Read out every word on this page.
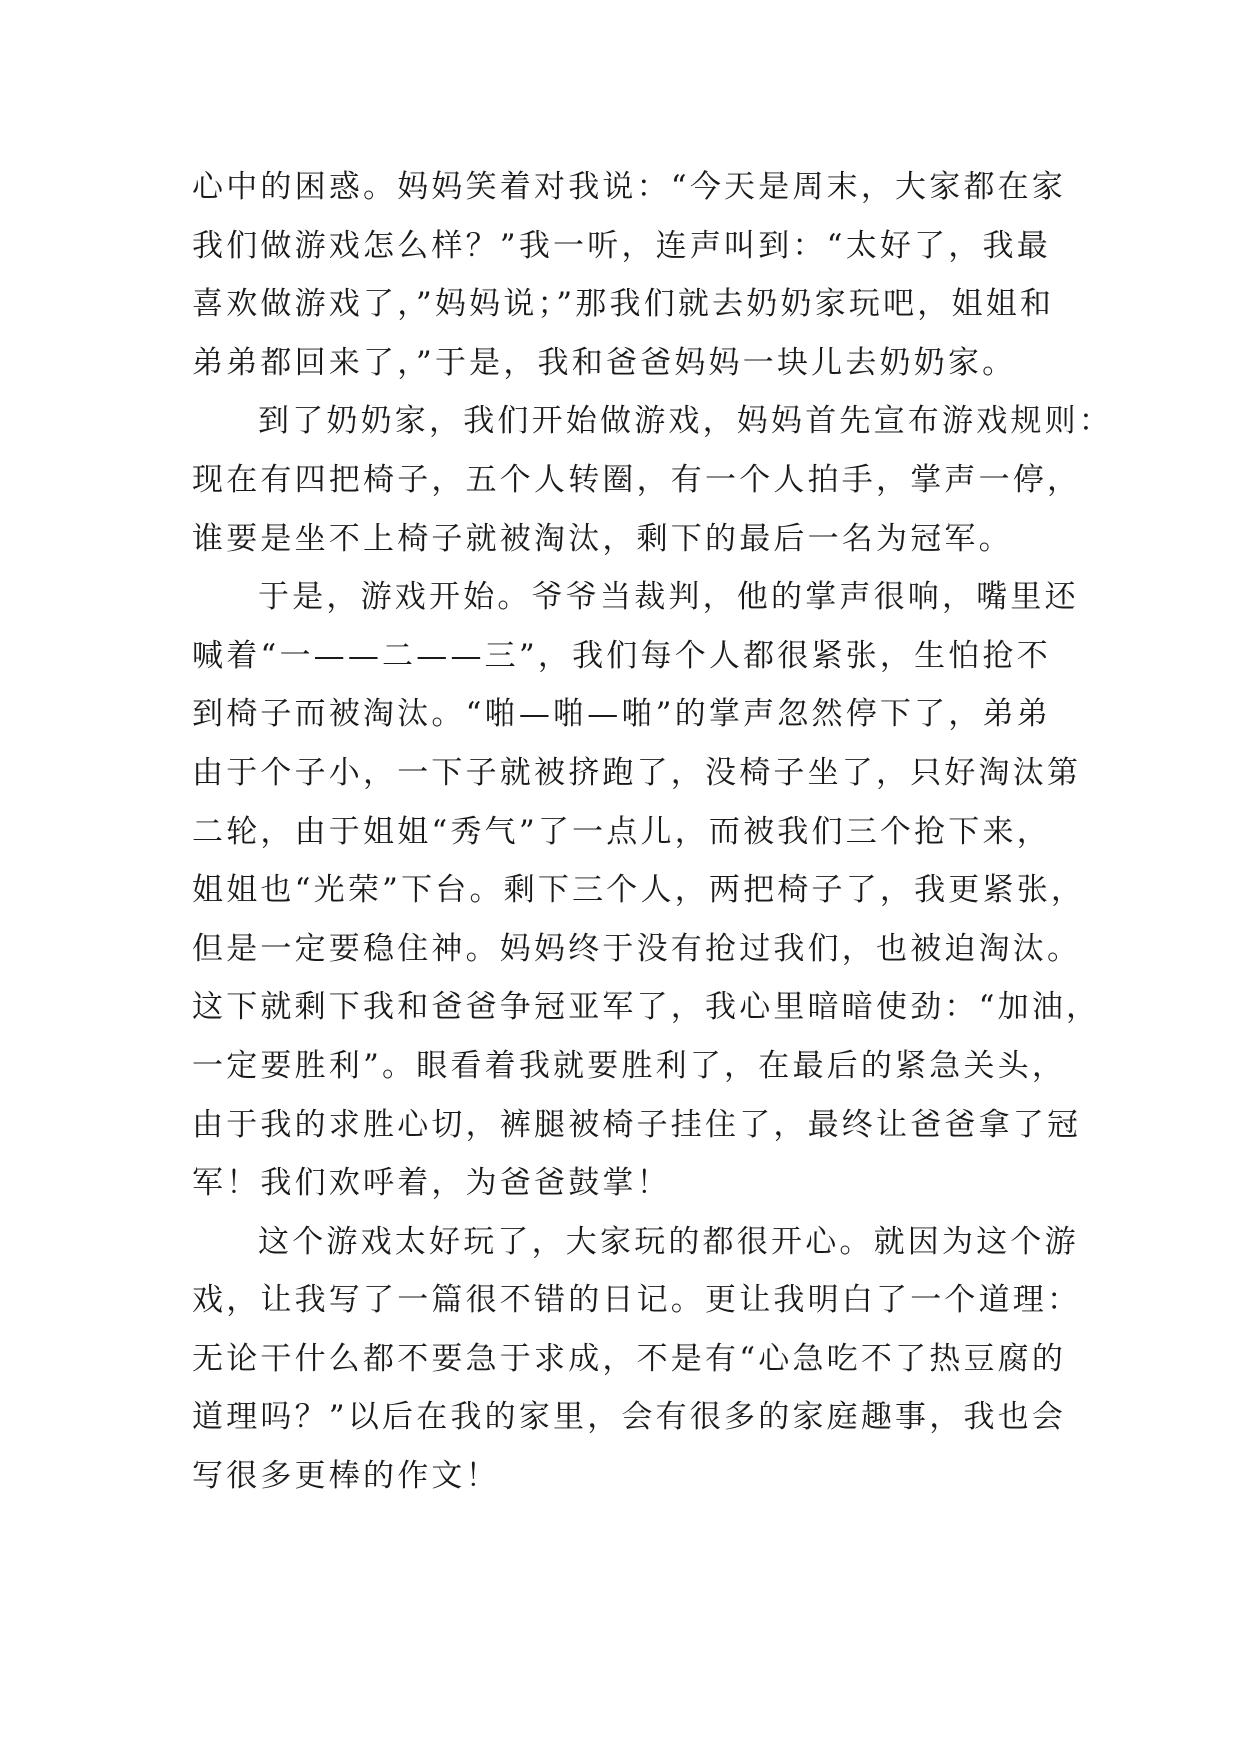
心中的困惑。妈妈笑着对我说：“今天是周末，大家都在家
我们做游戏怎么样？”我一听，连声叫到：“太好了，我最
喜欢做游戏了，”妈妈说；”那我们就去奶奶家玩吧，姐姐和
弟弟都回来了，”于是，我和爸爸妈妈一块儿去奶奶家。
到了奶奶家，我们开始做游戏，妈妈首先宣布游戏规则：
现在有四把椅子，五个人转圈，有一个人拍手，掌声一停，
谁要是坐不上椅子就被淘汰，剩下的最后一名为冠军。
于是，游戏开始。爷爷当裁判，他的掌声很响，嘴里还
喊着“一——二——三”，我们每个人都很紧张，生怕抢不
到椅子而被淘汰。“啪—啪—啪”的掌声忽然停下了，弟弟
由于个子小，一下子就被挤跑了，没椅子坐了，只好淘汰第
二轮，由于姐姐“秀气”了一点儿，而被我们三个抢下来，
姐姐也“光荣”下台。剩下三个人，两把椅子了，我更紧张，
但是一定要稳住神。妈妈终于没有抢过我们，也被迫淘汰。
这下就剩下我和爸爸争冠亚军了，我心里暗暗使劲：“加油，
一定要胜利”。眼看着我就要胜利了，在最后的紧急关头，
由于我的求胜心切，裤腿被椅子挂住了，最终让爸爸拿了冠
军！我们欢呼着，为爸爸鼓掌！
这个游戏太好玩了，大家玩的都很开心。就因为这个游
戏，让我写了一篇很不错的日记。更让我明白了一个道理：
无论干什么都不要急于求成，不是有“心急吃不了热豆腐的
道理吗？”以后在我的家里，会有很多的家庭趣事，我也会
写很多更棒的作文！
